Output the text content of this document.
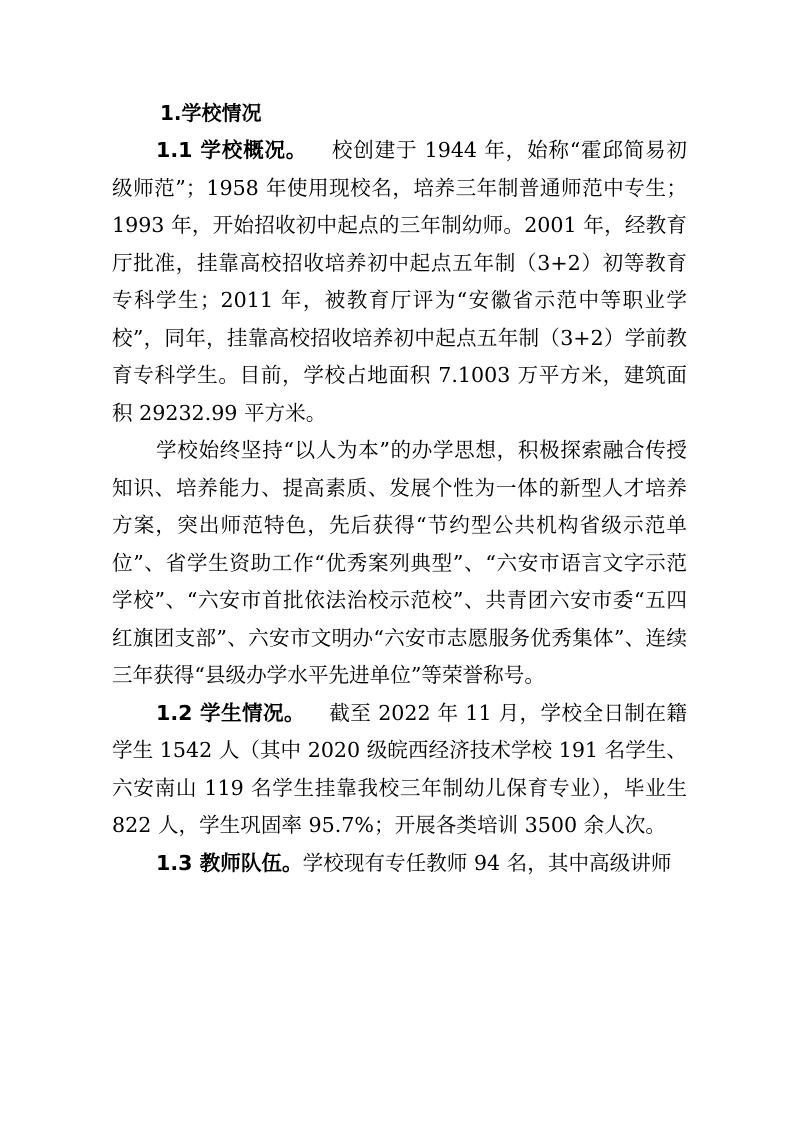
1.学校情况

1.1 学校概况。 校创建于 1944 年，始称“霍邱简易初级师范”；1958 年使用现校名，培养三年制普通师范中专生；1993 年，开始招收初中起点的三年制幼师。2001 年，经教育厅批准，挂靠高校招收培养初中起点五年制（3+2）初等教育专科学生；2011 年，被教育厅评为“安徽省示范中等职业学校”，同年，挂靠高校招收培养初中起点五年制（3+2）学前教育专科学生。目前，学校占地面积 7.1003 万平方米，建筑面积 29232.99 平方米。

学校始终坚持“以人为本”的办学思想，积极探索融合传授知识、培养能力、提高素质、发展个性为一体的新型人才培养方案，突出师范特色，先后获得“节约型公共机构省级示范单位”、省学生资助工作“优秀案列典型”、“六安市语言文字示范学校”、“六安市首批依法治校示范校”、共青团六安市委“五四红旗团支部”、六安市文明办“六安市志愿服务优秀集体”、连续三年获得“县级办学水平先进单位”等荣誉称号。

1.2 学生情况。 截至 2022 年 11 月，学校全日制在籍学生 1542 人（其中 2020 级皖西经济技术学校 191 名学生、六安南山 119 名学生挂靠我校三年制幼儿保育专业），毕业生 822 人，学生巩固率 95.7%；开展各类培训 3500 余人次。

1.3 教师队伍。学校现有专任教师 94 名，其中高级讲师
